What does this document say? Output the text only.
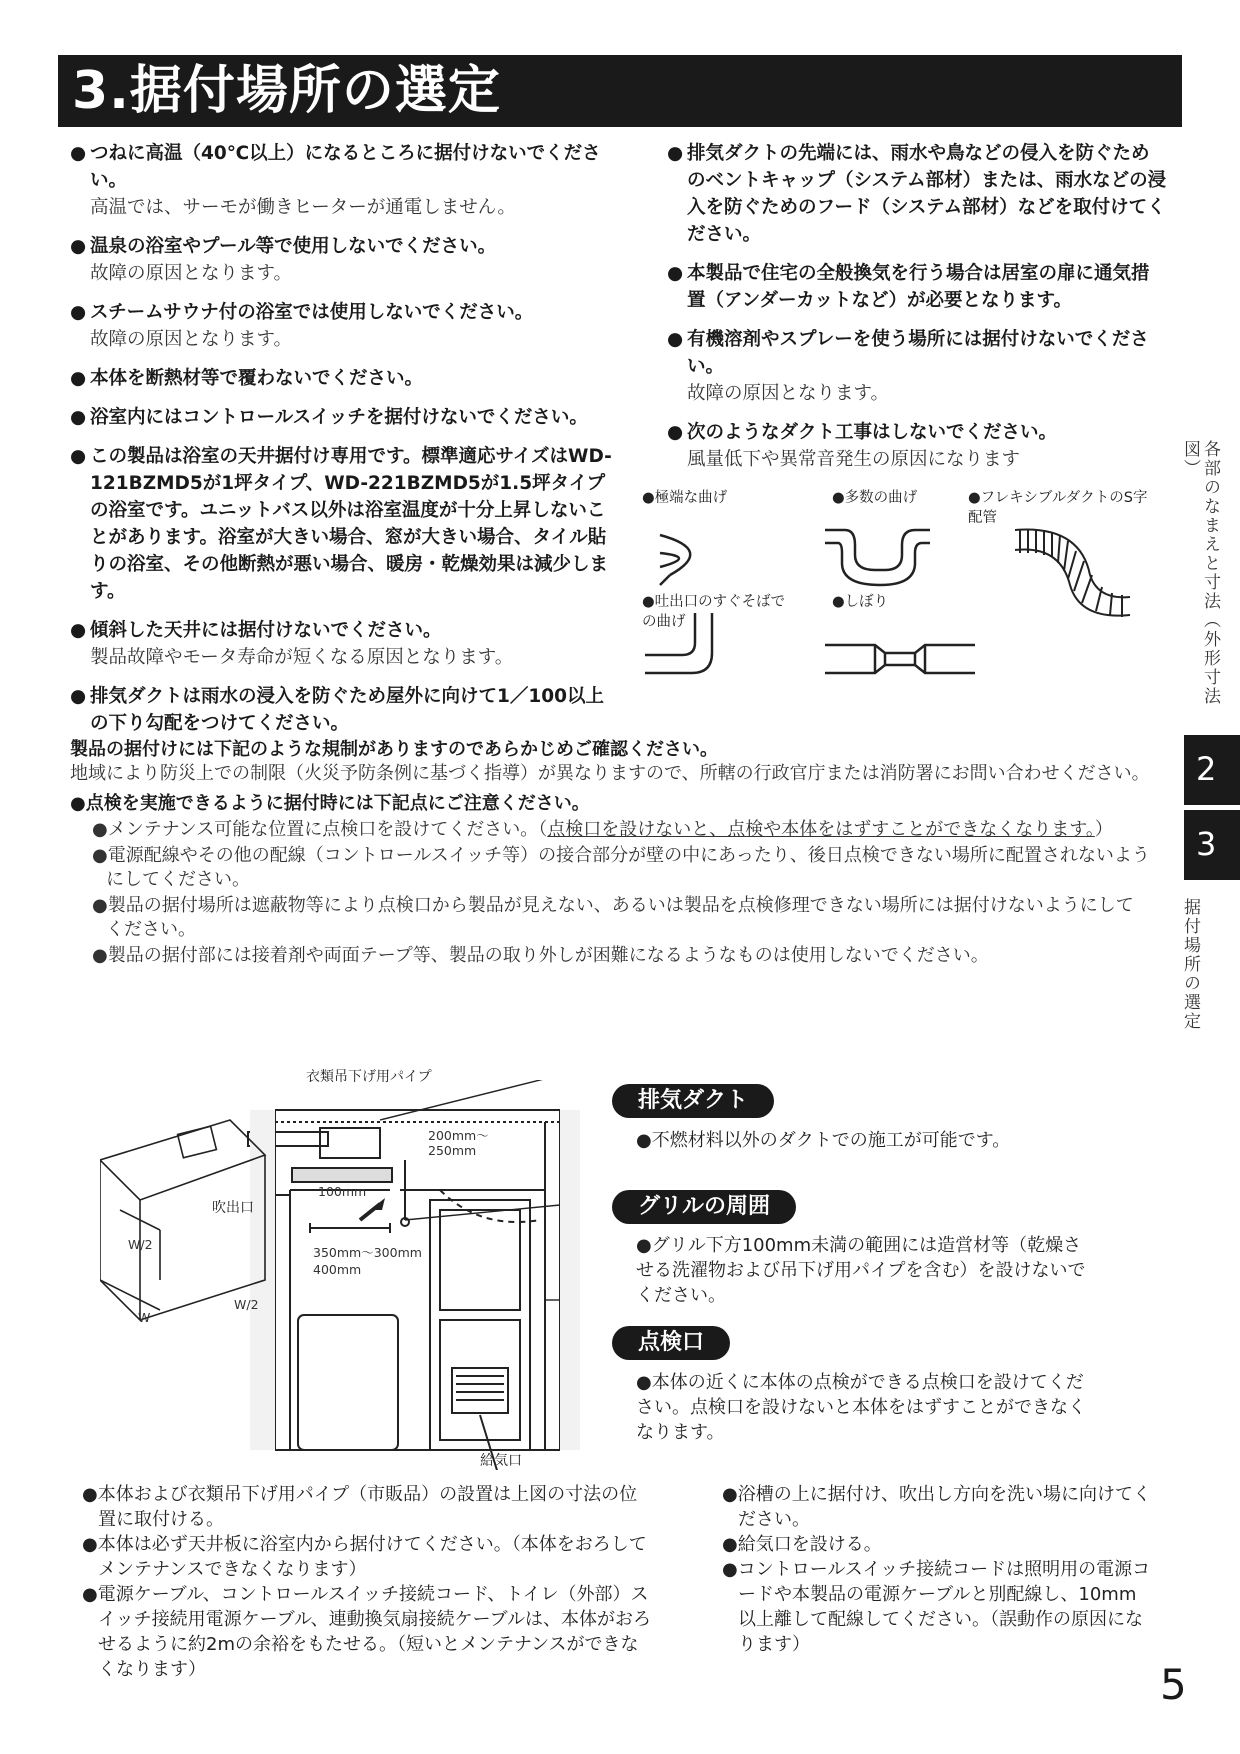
3.据付場所の選定
● つねに高温（40℃以上）になるところに据付けないでください。
高温では、サーモが働きヒーターが通電しません。
● 温泉の浴室やプール等で使用しないでください。
故障の原因となります。
● スチームサウナ付の浴室では使用しないでください。
故障の原因となります。
● 本体を断熱材等で覆わないでください。
● 浴室内にはコントロールスイッチを据付けないでください。
● この製品は浴室の天井据付け専用です。標準適応サイズはWD-121BZMD5が1坪タイプ、WD-221BZMD5が1.5坪タイプの浴室です。ユニットバス以外は浴室温度が十分上昇しないことがあります。浴室が大きい場合、窓が大きい場合、タイル貼りの浴室、その他断熱が悪い場合、暖房・乾燥効果は減少します。
● 傾斜した天井には据付けないでください。
製品故障やモータ寿命が短くなる原因となります。
● 排気ダクトは雨水の浸入を防ぐため屋外に向けて1／100以上の下り勾配をつけてください。
● 排気ダクトの先端には、雨水や鳥などの侵入を防ぐためのベントキャップ（システム部材）または、雨水などの浸入を防ぐためのフード（システム部材）などを取付けてください。
● 本製品で住宅の全般換気を行う場合は居室の扉に通気措置（アンダーカットなど）が必要となります。
● 有機溶剤やスプレーを使う場所には据付けないでください。
故障の原因となります。
● 次のようなダクト工事はしないでください。
風量低下や異常音発生の原因になります
●極端な曲げ	●多数の曲げ	●フレキシブルダクトのS字配管
●吐出口のすぐそばでの曲げ
●しぼり
製品の据付けには下記のような規制がありますのであらかじめご確認ください。
地域により防災上での制限（火災予防条例に基づく指導）が異なりますので、所轄の行政官庁または消防署にお問い合わせください。
●点検を実施できるように据付時には下記点にご注意ください。
●メンテナンス可能な位置に点検口を設けてください。（点検口を設けないと、点検や本体をはずすことができなくなります。）
●電源配線やその他の配線（コントロールスイッチ等）の接合部分が壁の中にあったり、後日点検できない場所に配置されないようにしてください。
●製品の据付場所は遮蔽物等により点検口から製品が見えない、あるいは製品を点検修理できない場所には据付けないようにしてください。
●製品の据付部には接着剤や両面テープ等、製品の取り外しが困難になるようなものは使用しないでください。
衣類吊下げ用パイプ
吹出口
給気口
200mm～250mm
100mm
350mm～300mm
400mm
W/2
W/2
W
排気ダクト
●不燃材料以外のダクトでの施工が可能です。
グリルの周囲
●グリル下方100mm未満の範囲には造営材等（乾燥させる洗濯物および吊下げ用パイプを含む）を設けないでください。
点検口
●本体の近くに本体の点検ができる点検口を設けてください。点検口を設けないと本体をはずすことができなくなります。
●本体および衣類吊下げ用パイプ（市販品）の設置は上図の寸法の位置に取付ける。
●本体は必ず天井板に浴室内から据付けてください。（本体をおろしてメンテナンスできなくなります）
●電源ケーブル、コントロールスイッチ接続コード、トイレ（外部）スイッチ接続用電源ケーブル、連動換気扇接続ケーブルは、本体がおろせるように約2mの余裕をもたせる。（短いとメンテナンスができなくなります）
●浴槽の上に据付け、吹出し方向を洗い場に向けてください。
●給気口を設ける。
●コントロールスイッチ接続コードは照明用の電源コードや本製品の電源ケーブルと別配線し、10mm以上離して配線してください。（誤動作の原因になります）
各部のなまえと寸法（外形寸法図）
2
3
据付場所の選定
5
